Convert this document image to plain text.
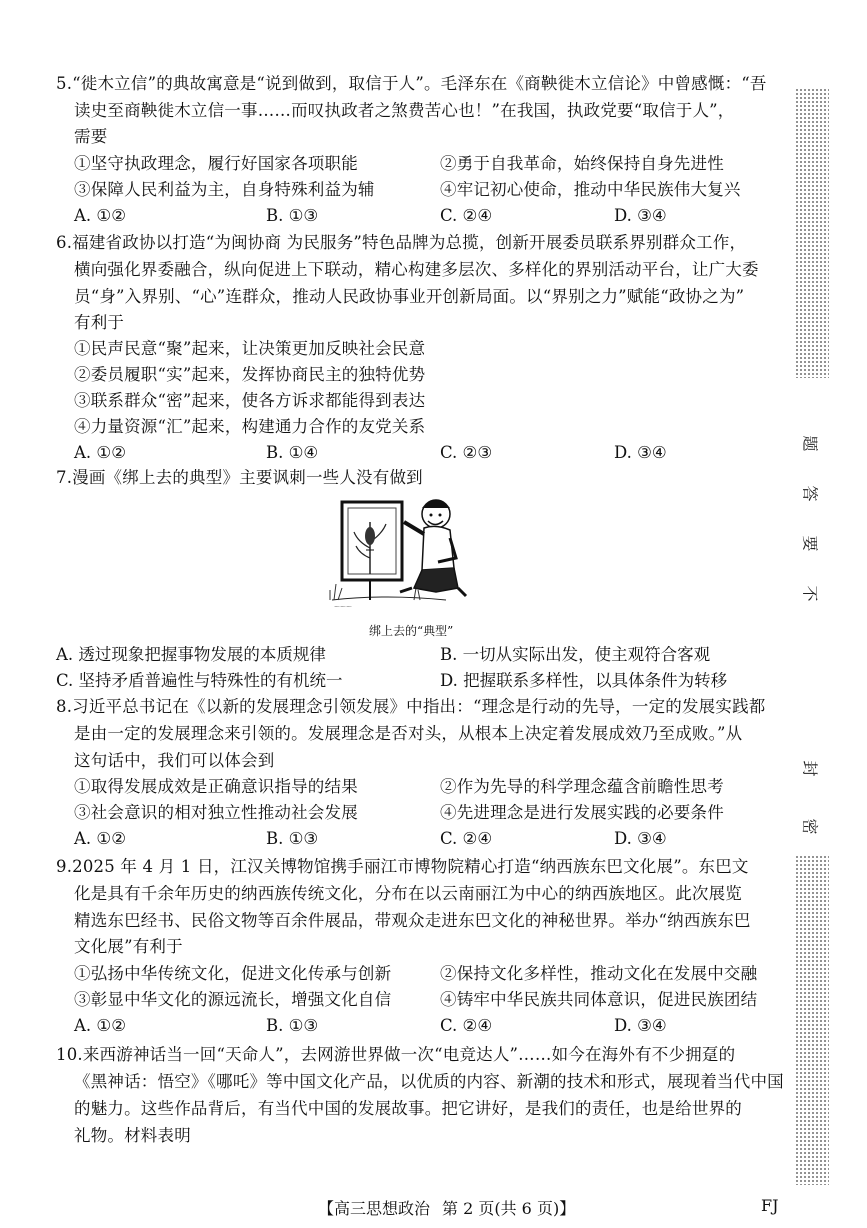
5.“徙木立信”的典故寓意是“说到做到，取信于人”。毛泽东在《商鞅徙木立信论》中曾感慨：“吾
读史至商鞅徙木立信一事……而叹执政者之煞费苦心也！”在我国，执政党要“取信于人”，
需要
①坚守执政理念，履行好国家各项职能	②勇于自我革命，始终保持自身先进性
③保障人民利益为主，自身特殊利益为辅	④牢记初心使命，推动中华民族伟大复兴
A. ①②	B. ①③	C. ②④	D. ③④
6.福建省政协以打造“为闽协商 为民服务”特色品牌为总揽，创新开展委员联系界别群众工作，
横向强化界委融合，纵向促进上下联动，精心构建多层次、多样化的界别活动平台，让广大委
员“身”入界别、“心”连群众，推动人民政协事业开创新局面。以“界别之力”赋能“政协之为”
有利于
①民声民意“聚”起来，让决策更加反映社会民意
②委员履职“实”起来，发挥协商民主的独特优势
③联系群众“密”起来，使各方诉求都能得到表达
④力量资源“汇”起来，构建通力合作的友党关系
A. ①②	B. ①④	C. ②③	D. ③④
7.漫画《绑上去的典型》主要讽刺一些人没有做到
～～～
绑上去的“典型”
A. 透过现象把握事物发展的本质规律	B. 一切从实际出发，使主观符合客观
C. 坚持矛盾普遍性与特殊性的有机统一	D. 把握联系多样性，以具体条件为转移
8.习近平总书记在《以新的发展理念引领发展》中指出：“理念是行动的先导，一定的发展实践都
是由一定的发展理念来引领的。发展理念是否对头，从根本上决定着发展成效乃至成败。”从
这句话中，我们可以体会到
①取得发展成效是正确意识指导的结果	②作为先导的科学理念蕴含前瞻性思考
③社会意识的相对独立性推动社会发展	④先进理念是进行发展实践的必要条件
A. ①②	B. ①③	C. ②④	D. ③④
9.2025 年 4 月 1 日，江汉关博物馆携手丽江市博物院精心打造“纳西族东巴文化展”。东巴文
化是具有千余年历史的纳西族传统文化，分布在以云南丽江为中心的纳西族地区。此次展览
精选东巴经书、民俗文物等百余件展品，带观众走进东巴文化的神秘世界。举办“纳西族东巴
文化展”有利于
①弘扬中华传统文化，促进文化传承与创新	②保持文化多样性，推动文化在发展中交融
③彰显中华文化的源远流长，增强文化自信	④铸牢中华民族共同体意识，促进民族团结
A. ①②	B. ①③	C. ②④	D. ③④
10.来西游神话当一回“天命人”，去网游世界做一次“电竞达人”……如今在海外有不少拥趸的
《黑神话：悟空》《哪吒》等中国文化产品，以优质的内容、新潮的技术和形式，展现着当代中国
的魅力。这些作品背后，有当代中国的发展故事。把它讲好，是我们的责任，也是给世界的
礼物。材料表明
题
答
要
不
封
密
【高三思想政治 第 2 页(共 6 页)】	FJ
